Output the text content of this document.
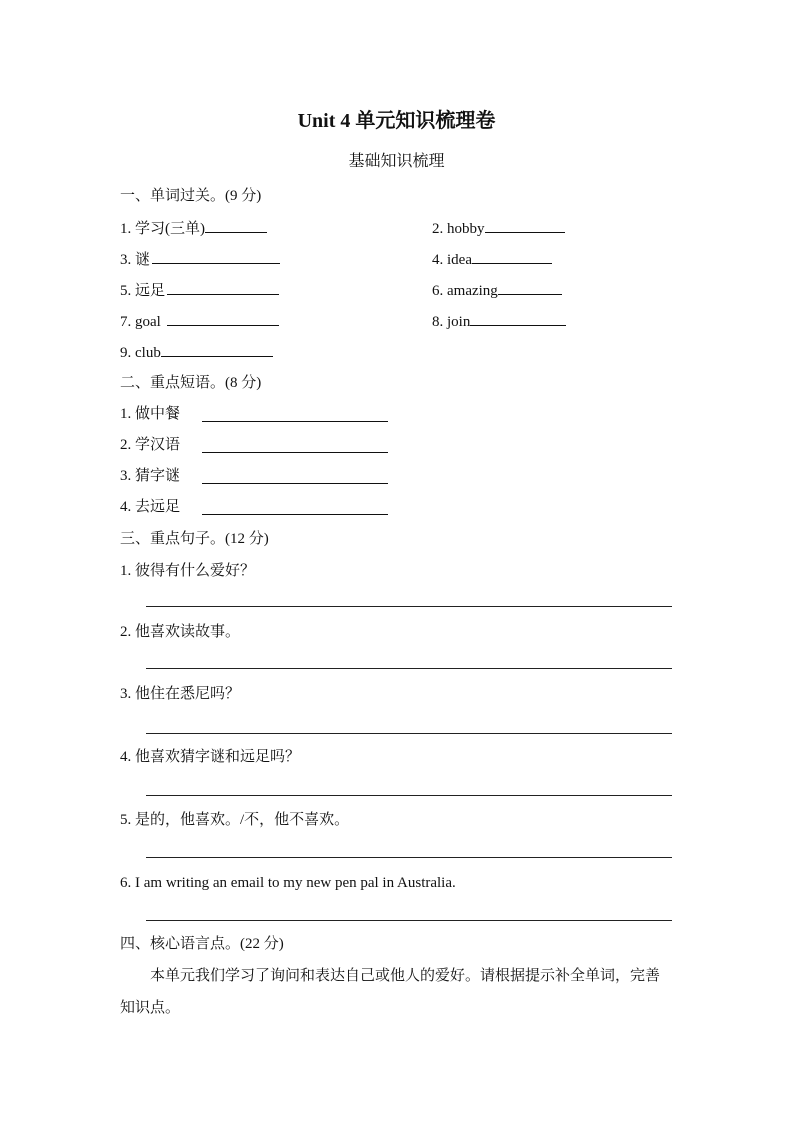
Unit 4 单元知识梳理卷
基础知识梳理
一、单词过关。(9 分)
1. 学习(三单)	2. hobby
3. 谜	4. idea
5. 远足	6. amazing
7. goal	8. join
9. club
二、重点短语。(8 分)
1. 做中餐
2. 学汉语
3. 猜字谜
4. 去远足
三、重点句子。(12 分)
1. 彼得有什么爱好？
2. 他喜欢读故事。
3. 他住在悉尼吗？
4. 他喜欢猜字谜和远足吗？
5. 是的，他喜欢。/不，他不喜欢。
6. I am writing an email to my new pen pal in Australia.
四、核心语言点。(22 分)
本单元我们学习了询问和表达自己或他人的爱好。请根据提示补全单词，完善知识点。
